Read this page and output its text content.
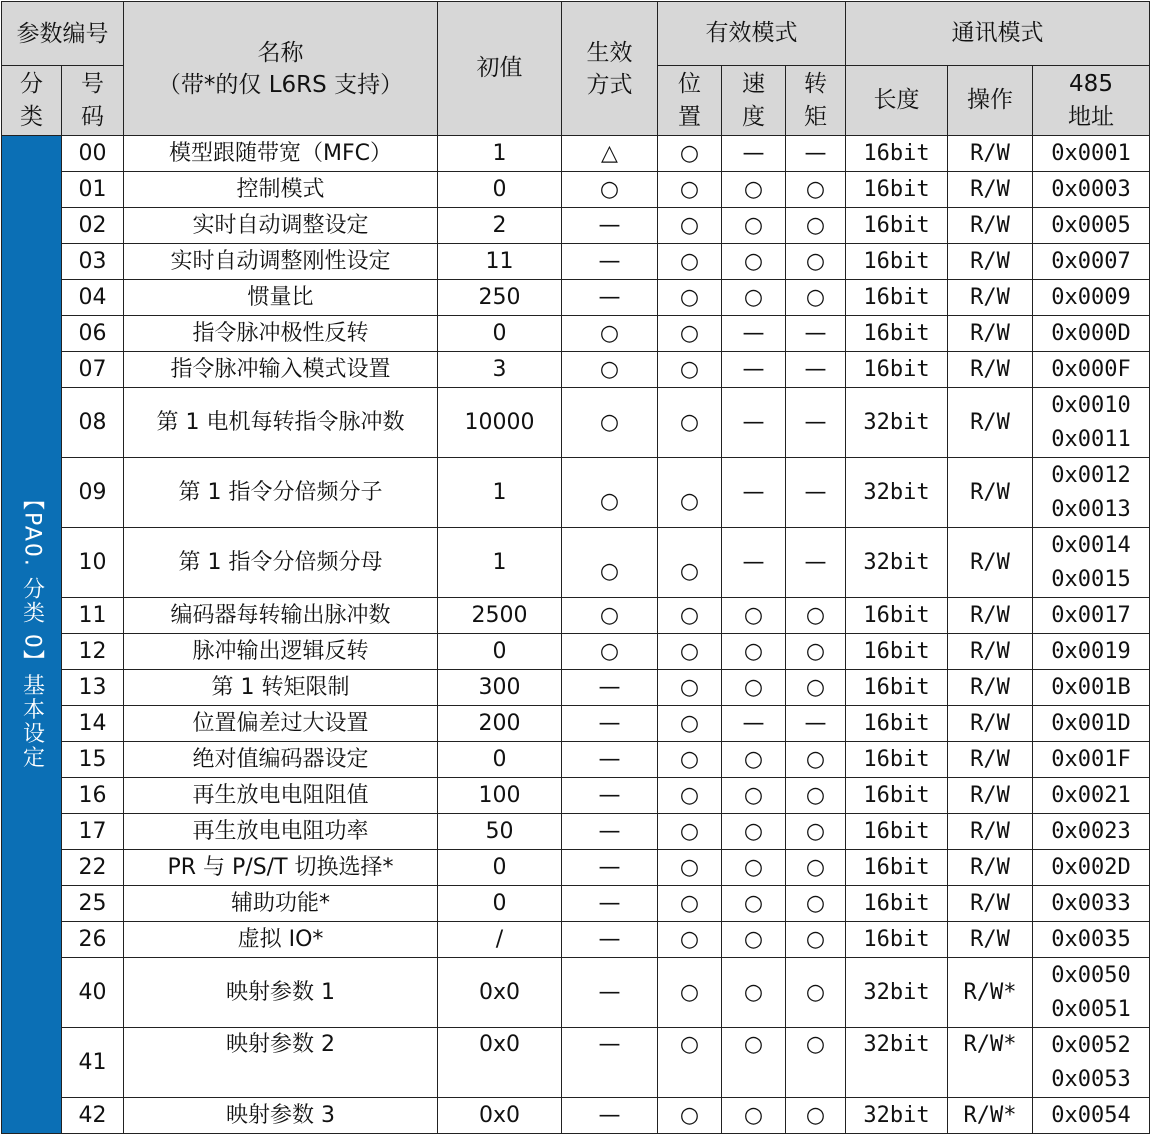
参数编号		名称
（带*的仅 L6RS 支持）	初值	生效方式	有效模式			通讯模式		
分类	号码				位置	速度	转矩	长度	操作	485地址
【PA0. 分类 0】基本设定	00	模型跟随带宽（MFC）	1	△	○	—	—	16bit	R/W	0x0001

	01	控制模式	0	○	○	○	○	16bit	R/W	0x0003

	02	实时自动调整设定	2	—	○	○	○	16bit	R/W	0x0005

	03	实时自动调整刚性设定	11	—	○	○	○	16bit	R/W	0x0007

	04	惯量比	250	—	○	○	○	16bit	R/W	0x0009

	06	指令脉冲极性反转	0	○	○	—	—	16bit	R/W	0x000D

	07	指令脉冲输入模式设置	3	○	○	—	—	16bit	R/W	0x000F

	08	第 1 电机每转指令脉冲数	10000	○	○	—	—	32bit	R/W	0x0010
0x0011

	09	第 1 指令分倍频分子	1	○	○	—	—	32bit	R/W	0x0012
0x0013

	10	第 1 指令分倍频分母	1	○	○	—	—	32bit	R/W	0x0014
0x0015

	11	编码器每转输出脉冲数	2500	○	○	○	○	16bit	R/W	0x0017

	12	脉冲输出逻辑反转	0	○	○	○	○	16bit	R/W	0x0019

	13	第 1 转矩限制	300	—	○	○	○	16bit	R/W	0x001B

	14	位置偏差过大设置	200	—	○	—	—	16bit	R/W	0x001D

	15	绝对值编码器设定	0	—	○	○	○	16bit	R/W	0x001F

	16	再生放电电阻阻值	100	—	○	○	○	16bit	R/W	0x0021

	17	再生放电电阻功率	50	—	○	○	○	16bit	R/W	0x0023

	22	PR 与 P/S/T 切换选择*	0	—	○	○	○	16bit	R/W	0x002D

	25	辅助功能*	0	—	○	○	○	16bit	R/W	0x0033

	26	虚拟 IO*	/	—	○	○	○	16bit	R/W	0x0035

	40	映射参数 1	0x0	—	○	○	○	32bit	R/W*	0x0050
0x0051

	41	映射参数 2	0x0	—	○	○	○	32bit	R/W*	0x0052
0x0053

	42	映射参数 3	0x0	—	○	○	○	32bit	R/W*	0x0054
